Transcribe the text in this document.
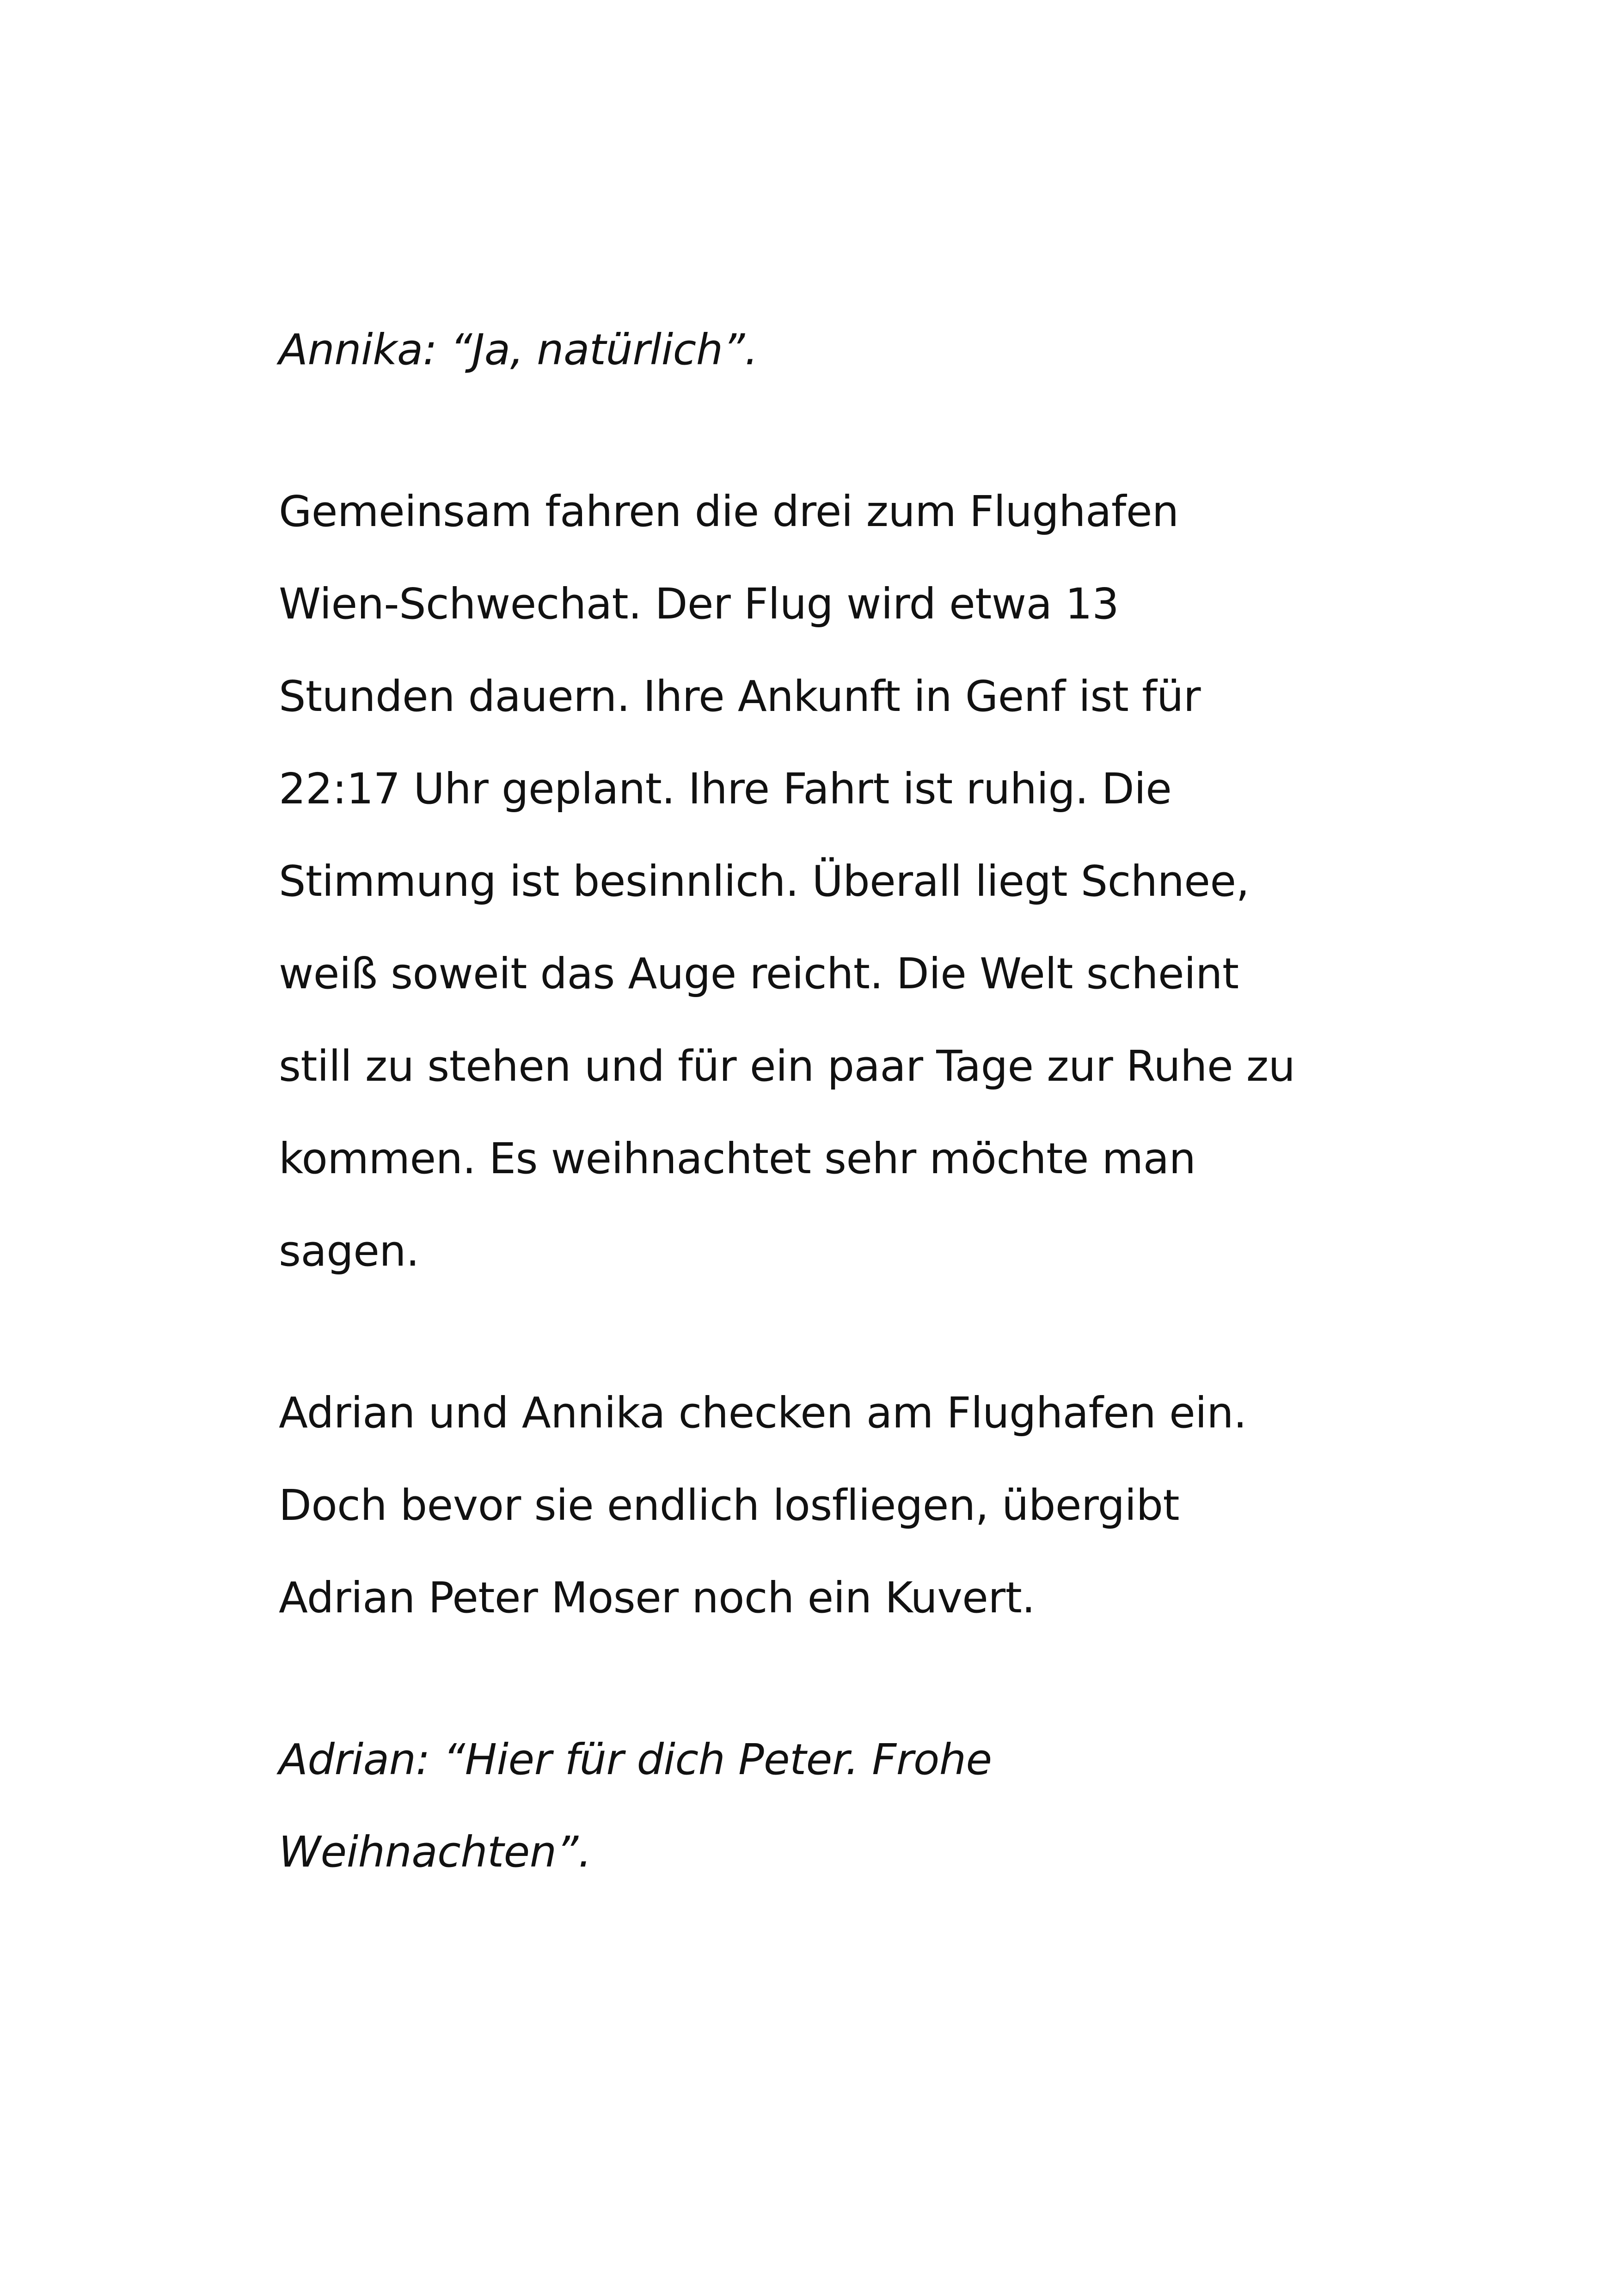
Annika: “Ja, natürlich”.
Gemeinsam fahren die drei zum Flughafen
Wien-Schwechat. Der Flug wird etwa 13
Stunden dauern. Ihre Ankunft in Genf ist für
22:17 Uhr geplant. Ihre Fahrt ist ruhig. Die
Stimmung ist besinnlich. Überall liegt Schnee,
weiß soweit das Auge reicht. Die Welt scheint
still zu stehen und für ein paar Tage zur Ruhe zu
kommen. Es weihnachtet sehr möchte man
sagen.
Adrian und Annika checken am Flughafen ein.
Doch bevor sie endlich losfliegen, übergibt
Adrian Peter Moser noch ein Kuvert.
Adrian: “Hier für dich Peter. Frohe
Weihnachten”.
